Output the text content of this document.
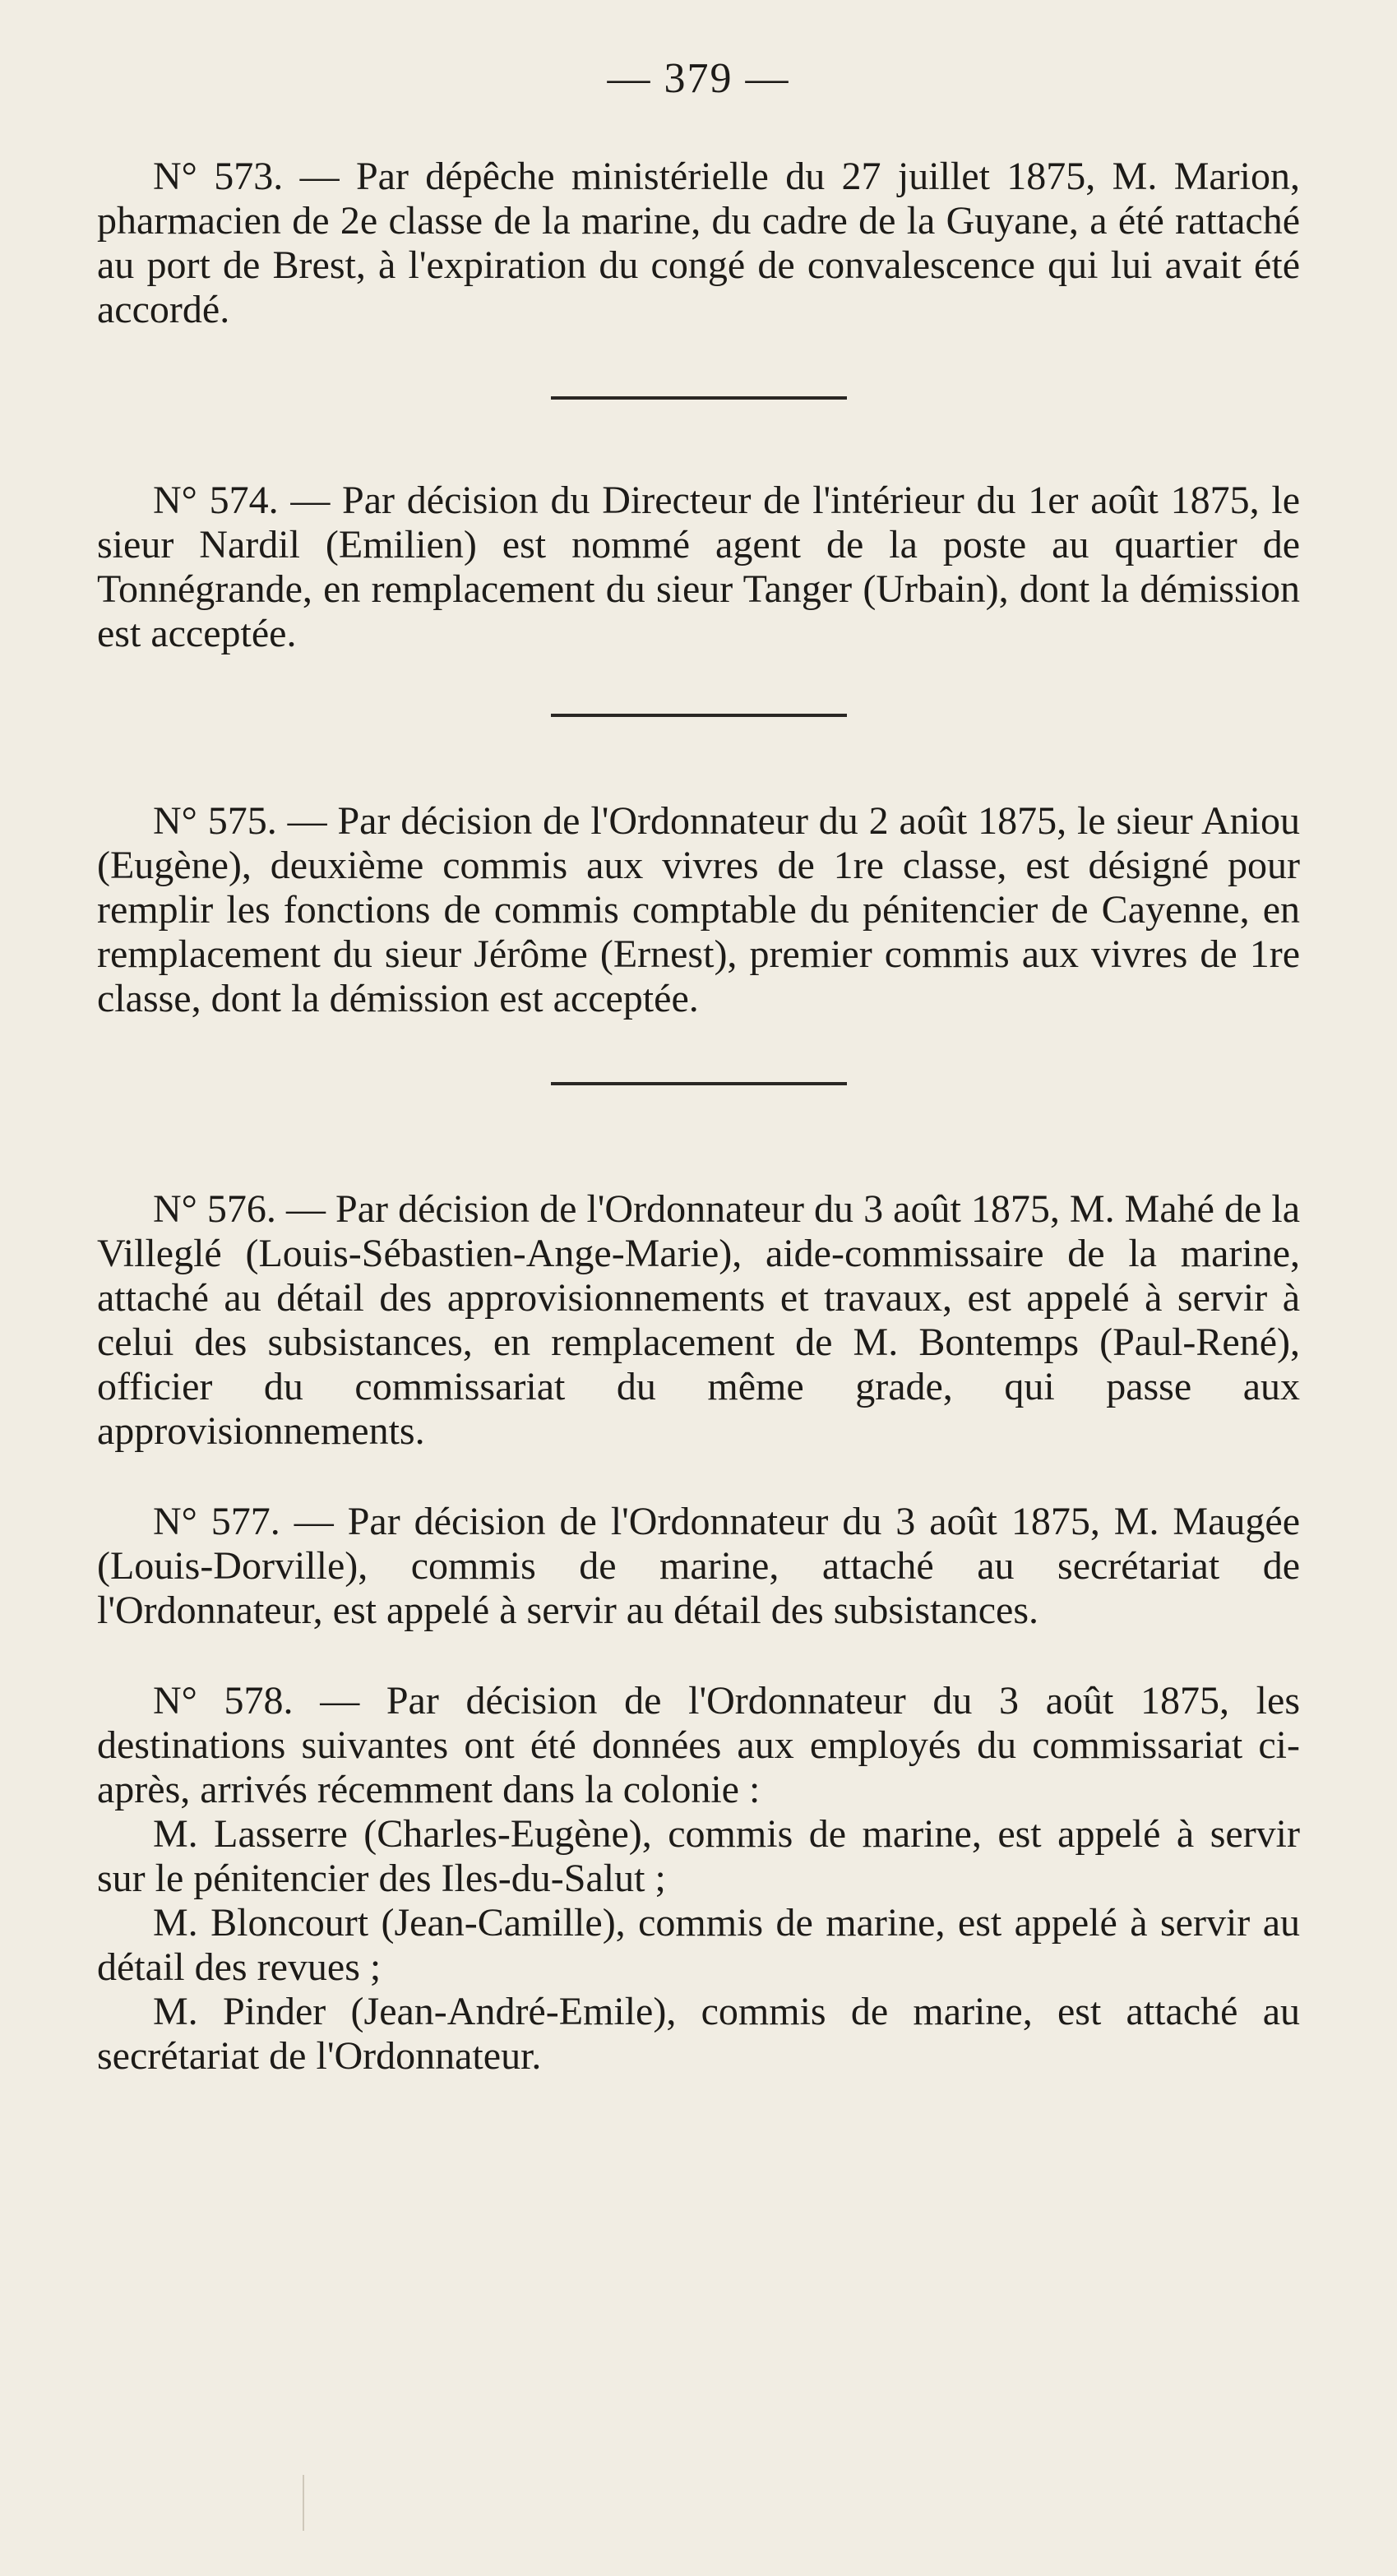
— 379 —

N° 573. — Par dépêche ministérielle du 27 juillet 1875, M. Marion, pharmacien de 2e classe de la marine, du cadre de la Guyane, a été rattaché au port de Brest, à l'expiration du congé de convalescence qui lui avait été accordé.

N° 574. — Par décision du Directeur de l'intérieur du 1er août 1875, le sieur Nardil (Emilien) est nommé agent de la poste au quartier de Tonnégrande, en remplacement du sieur Tanger (Urbain), dont la démission est acceptée.

N° 575. — Par décision de l'Ordonnateur du 2 août 1875, le sieur Aniou (Eugène), deuxième commis aux vivres de 1re classe, est désigné pour remplir les fonctions de commis comptable du pénitencier de Cayenne, en remplacement du sieur Jérôme (Ernest), premier commis aux vivres de 1re classe, dont la démission est acceptée.

N° 576. — Par décision de l'Ordonnateur du 3 août 1875, M. Mahé de la Villeglé (Louis-Sébastien-Ange-Marie), aide-commissaire de la marine, attaché au détail des approvisionnements et travaux, est appelé à servir à celui des subsistances, en remplacement de M. Bontemps (Paul-René), officier du commissariat du même grade, qui passe aux approvisionnements.

N° 577. — Par décision de l'Ordonnateur du 3 août 1875, M. Maugée (Louis-Dorville), commis de marine, attaché au secrétariat de l'Ordonnateur, est appelé à servir au détail des subsistances.

N° 578. — Par décision de l'Ordonnateur du 3 août 1875, les destinations suivantes ont été données aux employés du commissariat ci-après, arrivés récemment dans la colonie :

M. Lasserre (Charles-Eugène), commis de marine, est appelé à servir sur le pénitencier des Iles-du-Salut ;

M. Bloncourt (Jean-Camille), commis de marine, est appelé à servir au détail des revues ;

M. Pinder (Jean-André-Emile), commis de marine, est attaché au secrétariat de l'Ordonnateur.
